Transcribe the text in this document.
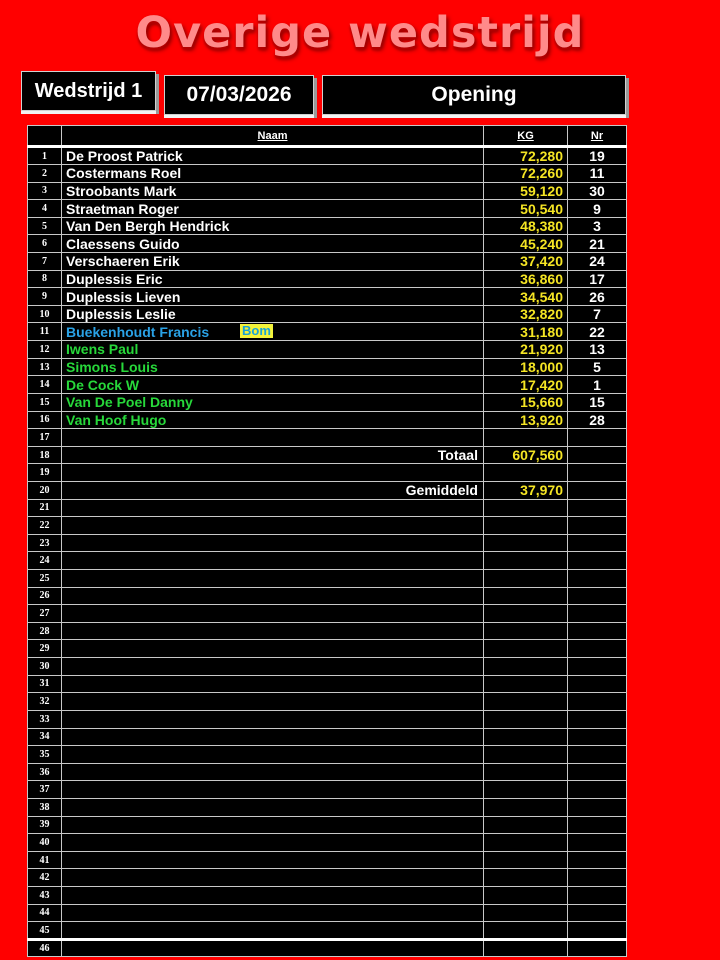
Overige wedstrijd
Wedstrijd 1	07/03/2026	Opening
	Naam	KG	Nr
1	De Proost Patrick	72,280	19
2	Costermans Roel	72,260	11
3	Stroobants Mark	59,120	30
4	Straetman Roger	50,540	9
5	Van Den Bergh Hendrick	48,380	3
6	Claessens Guido	45,240	21
7	Verschaeren Erik	37,420	24
8	Duplessis Eric	36,860	17
9	Duplessis Lieven	34,540	26
10	Duplessis Leslie	32,820	7
11	Buekenhoudt Francis Bom	31,180	22
12	Iwens Paul	21,920	13
13	Simons Louis	18,000	5
14	De Cock W	17,420	1
15	Van De Poel Danny	15,660	15
16	Van Hoof Hugo	13,920	28
17			
18	Totaal	607,560	
19			
20	Gemiddeld	37,970	
21			
22			
23			
24			
25			
26			
27			
28			
29			
30			
31			
32			
33			
34			
35			
36			
37			
38			
39			
40			
41			
42			
43			
44			
45			
46			
